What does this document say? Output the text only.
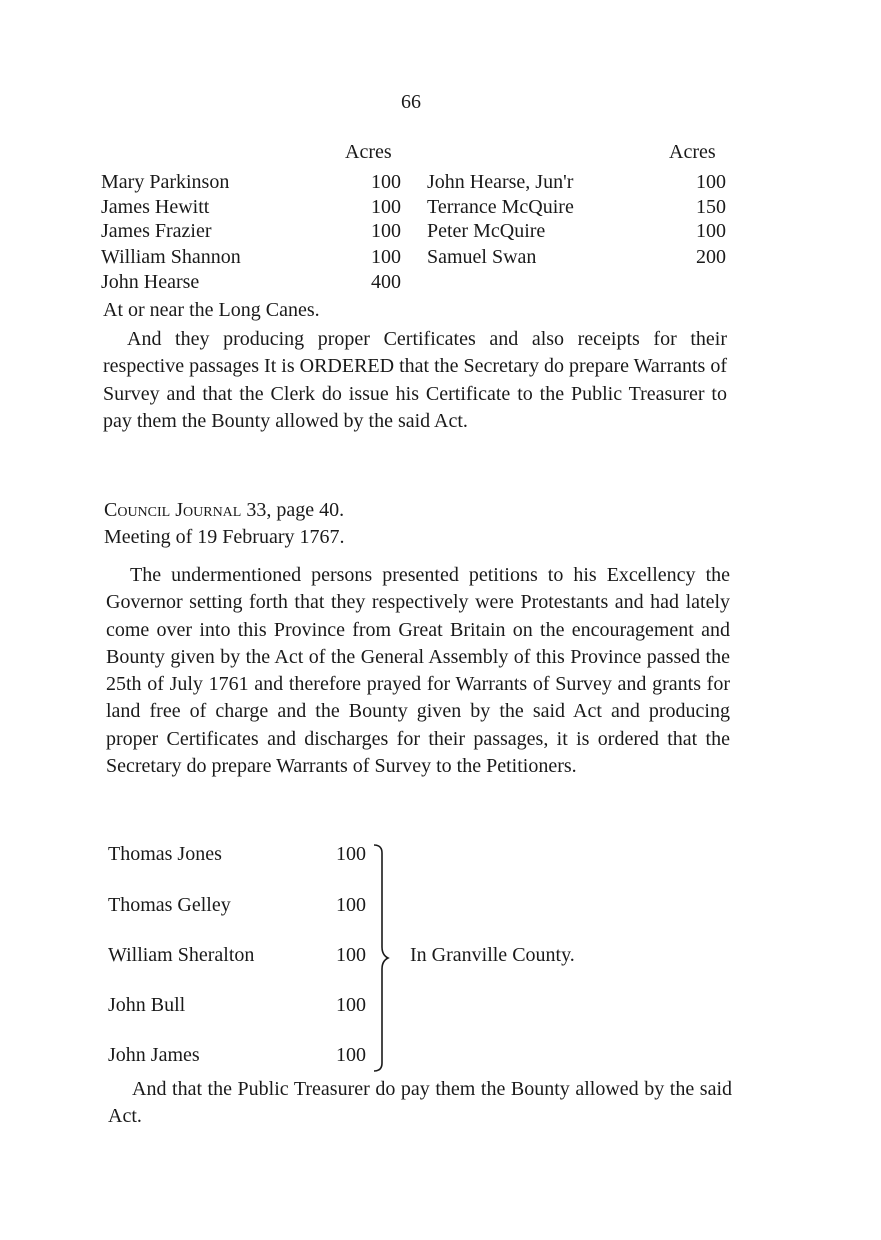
66
Acres	Acres
Mary Parkinson	100
James Hewitt	100
James Frazier	100
William Shannon	100
John Hearse	400
John Hearse, Jun'r	100
Terrance McQuire	150
Peter McQuire	100
Samuel Swan	200
At or near the Long Canes.
And they producing proper Certificates and also receipts for their respective passages It is ORDERED that the Secretary do prepare Warrants of Survey and that the Clerk do issue his Certificate to the Public Treasurer to pay them the Bounty allowed by the said Act.
Council Journal 33, page 40.
Meeting of 19 February 1767.
The undermentioned persons presented petitions to his Excellency the Governor setting forth that they respectively were Protestants and had lately come over into this Province from Great Britain on the encouragement and Bounty given by the Act of the General Assembly of this Province passed the 25th of July 1761 and therefore prayed for Warrants of Survey and grants for land free of charge and the Bounty given by the said Act and producing proper Certificates and discharges for their passages, it is ordered that the Secretary do prepare Warrants of Survey to the Petitioners.
Thomas Jones	100
Thomas Gelley	100
William Sheralton	100
John Bull	100
John James	100
In Granville County.
And that the Public Treasurer do pay them the Bounty allowed by the said Act.
